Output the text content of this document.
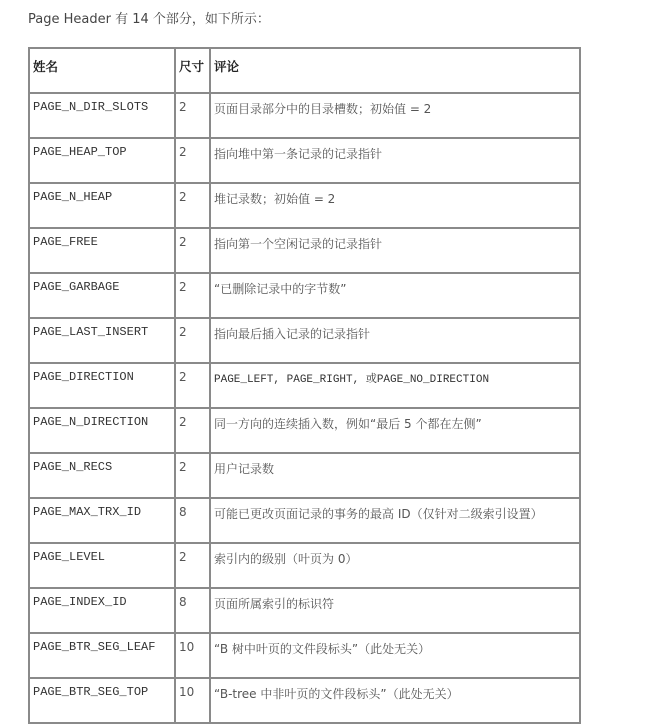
Page Header 有 14 个部分，如下所示：
姓名	尺寸	评论
PAGE_N_DIR_SLOTS	2	页面目录部分中的目录槽数；初始值 = 2
PAGE_HEAP_TOP	2	指向堆中第一条记录的记录指针
PAGE_N_HEAP	2	堆记录数；初始值 = 2
PAGE_FREE	2	指向第一个空闲记录的记录指针
PAGE_GARBAGE	2	“已删除记录中的字节数”
PAGE_LAST_INSERT	2	指向最后插入记录的记录指针
PAGE_DIRECTION	2	PAGE_LEFT, PAGE_RIGHT, 或PAGE_NO_DIRECTION
PAGE_N_DIRECTION	2	同一方向的连续插入数，例如“最后 5 个都在左侧”
PAGE_N_RECS	2	用户记录数
PAGE_MAX_TRX_ID	8	可能已更改页面记录的事务的最高 ID（仅针对二级索引设置）
PAGE_LEVEL	2	索引内的级别（叶页为 0）
PAGE_INDEX_ID	8	页面所属索引的标识符
PAGE_BTR_SEG_LEAF	10	“B 树中叶页的文件段标头”（此处无关）
PAGE_BTR_SEG_TOP	10	“B-tree 中非叶页的文件段标头”（此处无关）
